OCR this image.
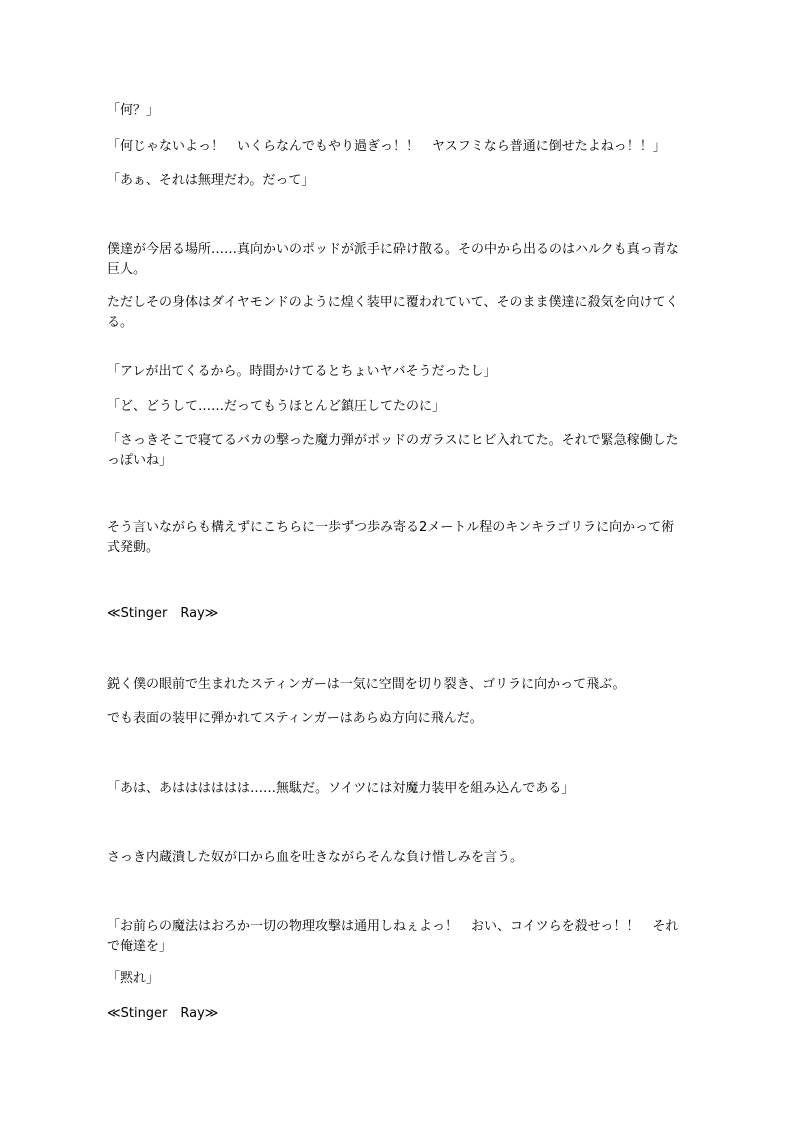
「何？」

「何じゃないよっ！　いくらなんでもやり過ぎっ！！　ヤスフミなら普通に倒せたよねっ！！」

「あぁ、それは無理だわ。だって」

僕達が今居る場所……真向かいのポッドが派手に砕け散る。その中から出るのはハルクも真っ青な巨人。

ただしその身体はダイヤモンドのように煌く装甲に覆われていて、そのまま僕達に殺気を向けてくる。

「アレが出てくるから。時間かけてるとちょいヤバそうだったし」

「ど、どうして……だってもうほとんど鎮圧してたのに」

「さっきそこで寝てるバカの撃った魔力弾がポッドのガラスにヒビ入れてた。それで緊急稼働したっぽいね」

そう言いながらも構えずにこちらに一歩ずつ歩み寄る2メートル程のキンキラゴリラに向かって術式発動。

≪Stinger　Ray≫

鋭く僕の眼前で生まれたスティンガーは一気に空間を切り裂き、ゴリラに向かって飛ぶ。

でも表面の装甲に弾かれてスティンガーはあらぬ方向に飛んだ。

「あは、あはははははは……無駄だ。ソイツには対魔力装甲を組み込んである」

さっき内蔵潰した奴が口から血を吐きながらそんな負け惜しみを言う。

「お前らの魔法はおろか一切の物理攻撃は通用しねぇよっ！　おい、コイツらを殺せっ！！　それで俺達を」

「黙れ」

≪Stinger　Ray≫
